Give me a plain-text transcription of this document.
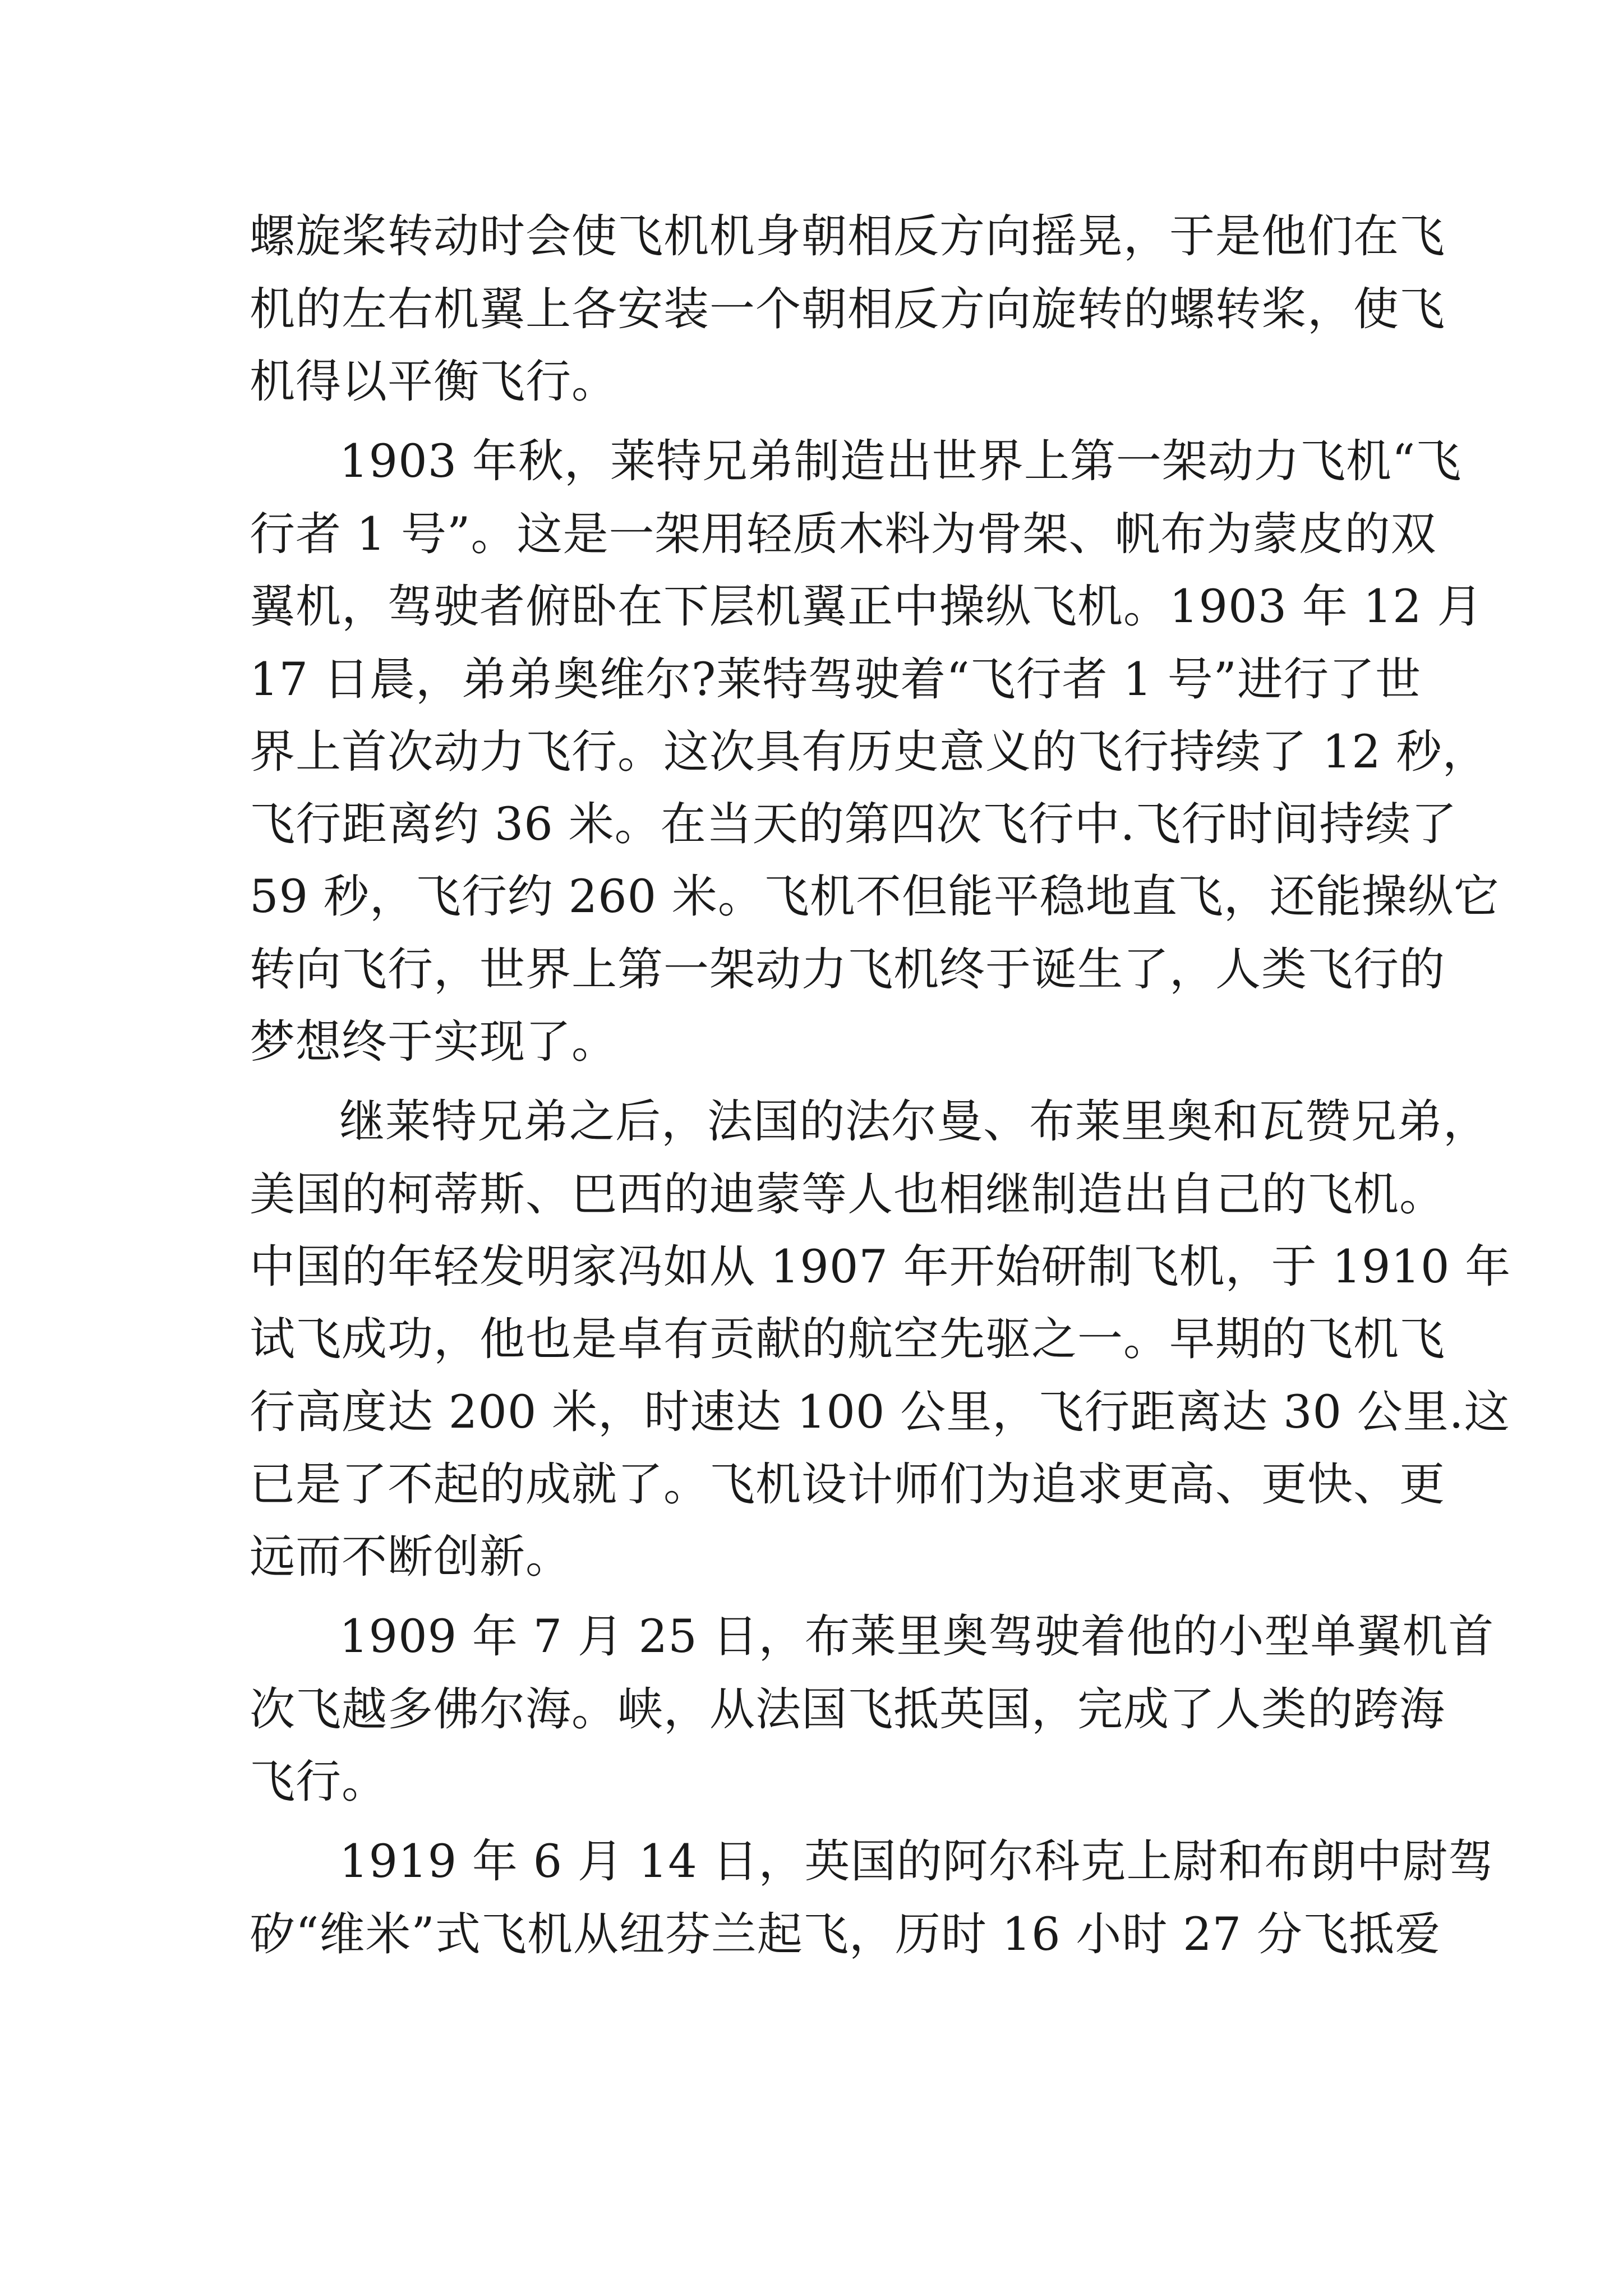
螺旋桨转动时会使飞机机身朝相反方向摇晃，于是他们在飞
机的左右机翼上各安装一个朝相反方向旋转的螺转桨，使飞
机得以平衡飞行。
1903 年秋，莱特兄弟制造出世界上第一架动力飞机“飞
行者 1 号”。这是一架用轻质木料为骨架、帆布为蒙皮的双
翼机，驾驶者俯卧在下层机翼正中操纵飞机。1903 年 12 月
17 日晨，弟弟奥维尔?莱特驾驶着“飞行者 1 号”进行了世
界上首次动力飞行。这次具有历史意义的飞行持续了 12 秒，
飞行距离约 36 米。在当天的第四次飞行中.飞行时间持续了
59 秒，飞行约 260 米。飞机不但能平稳地直飞，还能操纵它
转向飞行，世界上第一架动力飞机终于诞生了，人类飞行的
梦想终于实现了。
继莱特兄弟之后，法国的法尔曼、布莱里奥和瓦赞兄弟，
美国的柯蒂斯、巴西的迪蒙等人也相继制造出自己的飞机。
中国的年轻发明家冯如从 1907 年开始研制飞机，于 1910 年
试飞成功，他也是卓有贡献的航空先驱之一。早期的飞机飞
行高度达 200 米，时速达 100 公里，飞行距离达 30 公里.这
已是了不起的成就了。飞机设计师们为追求更高、更快、更
远而不断创新。
1909 年 7 月 25 日，布莱里奥驾驶着他的小型单翼机首
次飞越多佛尔海。峡，从法国飞抵英国，完成了人类的跨海
飞行。
1919 年 6 月 14 日，英国的阿尔科克上尉和布朗中尉驾
矽“维米”式飞机从纽芬兰起飞，历时 16 小时 27 分飞抵爱
